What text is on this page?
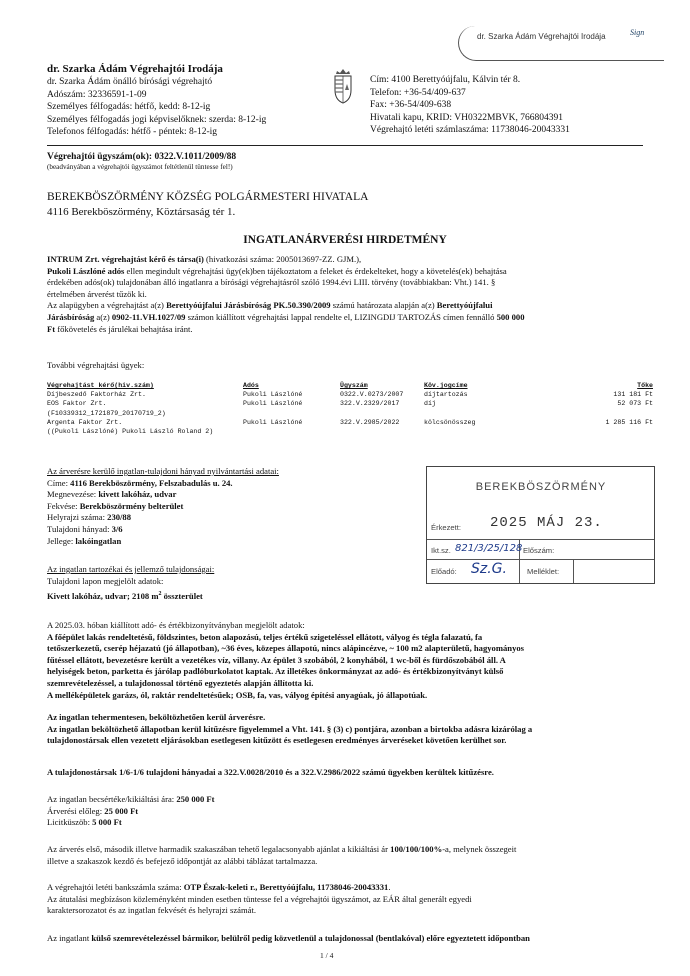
dr. Szarka Ádám Végrehajtói Irodája	Sign

dr. Szarka Ádám Végrehajtói Irodája

dr. Szarka Ádám önálló bírósági végrehajtó

Adószám: 32336591-1-09

Személyes félfogadás: hétfő, kedd: 8-12-ig

Személyes félfogadás jogi képviselőknek: szerda: 8-12-ig

Telefonos félfogadás: hétfő - péntek: 8-12-ig

Cím: 4100 Berettyóújfalu, Kálvin tér 8.

Telefon: +36-54/409-637

Fax: +36-54/409-638

Hivatali kapu, KRID: VH0322MBVK, 766804391

Végrehajtó letéti számlaszáma: 11738046-20043331

Végrehajtói ügyszám(ok): 0322.V.1011/2009/88

(beadványában a végrehajtói ügyszámot feltétlenül tüntesse fel!)

BEREKBÖSZÖRMÉNY KÖZSÉG POLGÁRMESTERI HIVATALA

4116 Berekböszörmény, Köztársaság tér 1.

INGATLANÁRVERÉSI HIRDETMÉNY

INTRUM Zrt. végrehajtást kérő és társa(i) (hivatkozási száma: 2005013697-ZZ. GJM.),

Pukoli Lászlóné adós ellen megindult végrehajtási ügy(ek)ben tájékoztatom a feleket és érdekelteket, hogy a követelés(ek) behajtása

érdekében adós(ok) tulajdonában álló ingatlanra a bírósági végrehajtásról szóló 1994.évi LIII. törvény (továbbiakban: Vht.) 141. §

értelmében árverést tűzök ki.

Az alapügyben a végrehajtást a(z) Berettyóújfalui Járásbíróság PK.50.390/2009 számú határozata alapján a(z) Berettyóújfalui

Járásbíróság a(z) 0902-11.VH.1027/09 számon kiállított végrehajtási lappal rendelte el, LIZINGDIJ TARTOZÁS címen fennálló 500 000

Ft főkövetelés és járulékai behajtása iránt.

További végrehajtási ügyek:
Végrehajtást kérő(hiv.szám)	Adós	Ügyszám	Köv.jogcíme	Tőke
Díjbeszedő Faktorház Zrt.	Pukoli Lászlóné	0322.V.0273/2007	díjtartozás	131 181 Ft
EOS Faktor Zrt.	Pukoli Lászlóné	322.V.2329/2017	díj	52 073 Ft
(F10339312_1721879_20170719_2)				
Argenta Faktor Zrt.	Pukoli Lászlóné	322.V.2985/2022	kölcsönösszeg	1 285 116 Ft
((Pukoli Lászlóné) Pukoli László Roland 2)				

Az árverésre kerülő ingatlan-tulajdoni hányad nyilvántartási adatai:

Címe: 4116 Berekböszörmény, Felszabadulás u. 24.

Megnevezése: kivett lakóház, udvar

Fekvése: Berekböszörmény belterület

Helyrajzi száma: 230/88

Tulajdoni hányad: 3/6

Jellege: lakóingatlan

Az ingatlan tartozékai és jellemző tulajdonságai:

Tulajdoni lapon megjelölt adatok:

Kivett lakóház, udvar; 2108 $m^2$ összterület

BEREKBÖSZÖRMÉNY
Érkezett: 2025 MÁJ 23.
Ikt.sz. 821/3/25/128 Előszám:
Előadó: Sz.G.	Melléklet:

A 2025.03. hóban kiállított adó- és értékbizonyítványban megjelölt adatok:

A főépület lakás rendeltetésű, földszintes, beton alapozású, teljes értékű szigeteléssel ellátott, vályog és tégla falazatú, fa

tetőszerkezetű, cserép héjazatú (jó állapotban), ~36 éves, közepes állapotú, nincs alápincézve, ~ 100 m2 alapterületű, hagyományos

fűtéssel ellátott, bevezetésre került a vezetékes víz, villany. Az épület 3 szobából, 2 konyhából, 1 wc-ből és fürdőszobából áll. A

helyiségek beton, parketta és járólap padlóburkolatot kaptak. Az illetékes önkormányzat az adó- és értékbizonyítványt külső

szemrevételezéssel, a tulajdonossal történő egyeztetés alapján állította ki.

A melléképületek garázs, ól, raktár rendeltetésűek; OSB, fa, vas, vályog építési anyagúak, jó állapotúak.

Az ingatlan tehermentesen, beköltözhetően kerül árverésre.

Az ingatlan beköltözhető állapotban kerül kitűzésre figyelemmel a Vht. 141. § (3) c) pontjára, azonban a birtokba adásra kizárólag a

tulajdonostársak ellen vezetett eljárásokban esetlegesen kitűzött és esetlegesen eredményes árveréseket követően kerülhet sor.

A tulajdonostársak 1/6-1/6 tulajdoni hányadai a 322.V.0028/2010 és a 322.V.2986/2022 számú ügyekben kerültek kitűzésre.

Az ingatlan becsértéke/kikiáltási ára: 250 000 Ft

Árverési előleg: 25 000 Ft

Licitküszöb: 5 000 Ft

Az árverés első, második illetve harmadik szakaszában tehető legalacsonyabb ajánlat a kikiáltási ár 100/100/100%-a, melynek összegeit

illetve a szakaszok kezdő és befejező időpontját az alábbi táblázat tartalmazza.

A végrehajtói letéti bankszámla száma: OTP Észak-keleti r., Berettyóújfalu, 11738046-20043331.

Az átutalási megbízáson közleményként minden esetben tüntesse fel a végrehajtói ügyszámot, az EÁR által generált egyedi

karaktersorozatot és az ingatlan fekvését és helyrajzi számát.

Az ingatlant külső szemrevételezéssel bármikor, belülről pedig közvetlenül a tulajdonossal (bentlakóval) előre egyeztetett időpontban

1 / 4
